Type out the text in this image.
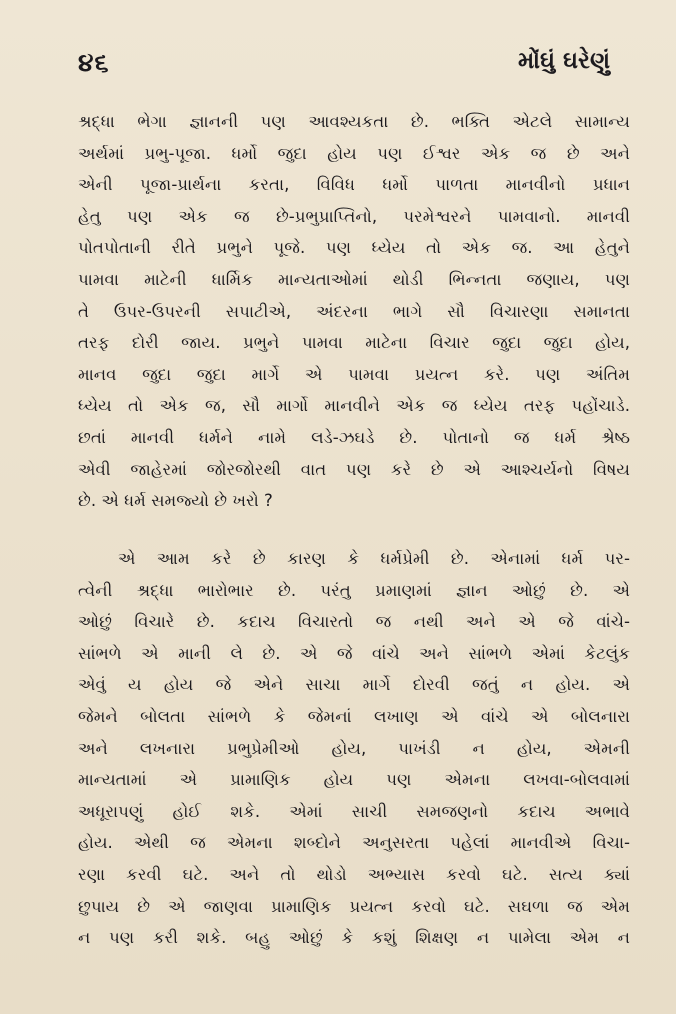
૪૬	મોંઘું ઘરેણું
શ્રદ્ધા ભેગા જ્ઞાનની પણ આવશ્યકતા છે. ભક્તિ એટલે સામાન્ય
અર્થમાં પ્રભુ-પૂજા. ધર્મો જુદા હોય પણ ઈશ્વર એક જ છે અને
એની પૂજા-પ્રાર્થના કરતા, વિવિધ ધર્મો પાળતા માનવીનો પ્રધાન
હેતુ પણ એક જ છે-પ્રભુપ્રાપ્તિનો, પરમેશ્વરને પામવાનો. માનવી
પોતપોતાની રીતે પ્રભુને પૂજે. પણ ધ્યેય તો એક જ. આ હેતુને
પામવા માટેની ધાર્મિક માન્યતાઓમાં થોડી ભિન્નતા જણાય, પણ
તે ઉપર-ઉપરની સપાટીએ, અંદરના ભાગે સૌ વિચારણા સમાનતા
તરફ દોરી જાય. પ્રભુને પામવા માટેના વિચાર જુદા જુદા હોય,
માનવ જુદા જુદા માર્ગે એ પામવા પ્રયત્ન કરે. પણ અંતિમ
ધ્યેય તો એક જ, સૌ માર્ગો માનવીને એક જ ધ્યેય તરફ પહોંચાડે.
છતાં માનવી ધર્મને નામે લડે-ઝઘડે છે. પોતાનો જ ધર્મ શ્રેષ્ઠ
એવી જાહેરમાં જોરજોરથી વાત પણ કરે છે એ આશ્ચર્યનો વિષય
છે. એ ધર્મ સમજ્યો છે ખરો ?
એ આમ કરે છે કારણ કે ધર્મપ્રેમી છે. એનામાં ધર્મ પર-
ત્વેની શ્રદ્ધા ભારોભાર છે. પરંતુ પ્રમાણમાં જ્ઞાન ઓછું છે. એ
ઓછું વિચારે છે. કદાચ વિચારતો જ નથી અને એ જે વાંચે-
સાંભળે એ માની લે છે. એ જે વાંચે અને સાંભળે એમાં કેટલુંક
એવું ય હોય જે એને સાચા માર્ગે દોરવી જતું ન હોય. એ
જેમને બોલતા સાંભળે કે જેમનાં લખાણ એ વાંચે એ બોલનારા
અને લખનારા પ્રભુપ્રેમીઓ હોય, પાખંડી ન હોય, એમની
માન્યતામાં એ પ્રામાણિક હોય પણ એમના લખવા-બોલવામાં
અધૂરાપણું હોઈ શકે. એમાં સાચી સમજણનો કદાચ અભાવે
હોય. એથી જ એમના શબ્દોને અનુસરતા પહેલાં માનવીએ વિચા-
રણા કરવી ઘટે. અને તો થોડો અભ્યાસ કરવો ઘટે. સત્ય ક્યાં
છુપાય છે એ જાણવા પ્રામાણિક પ્રયત્ન કરવો ઘટે. સઘળા જ એમ
ન પણ કરી શકે. બહુ ઓછું કે કશું શિક્ષણ ન પામેલા એમ ન
